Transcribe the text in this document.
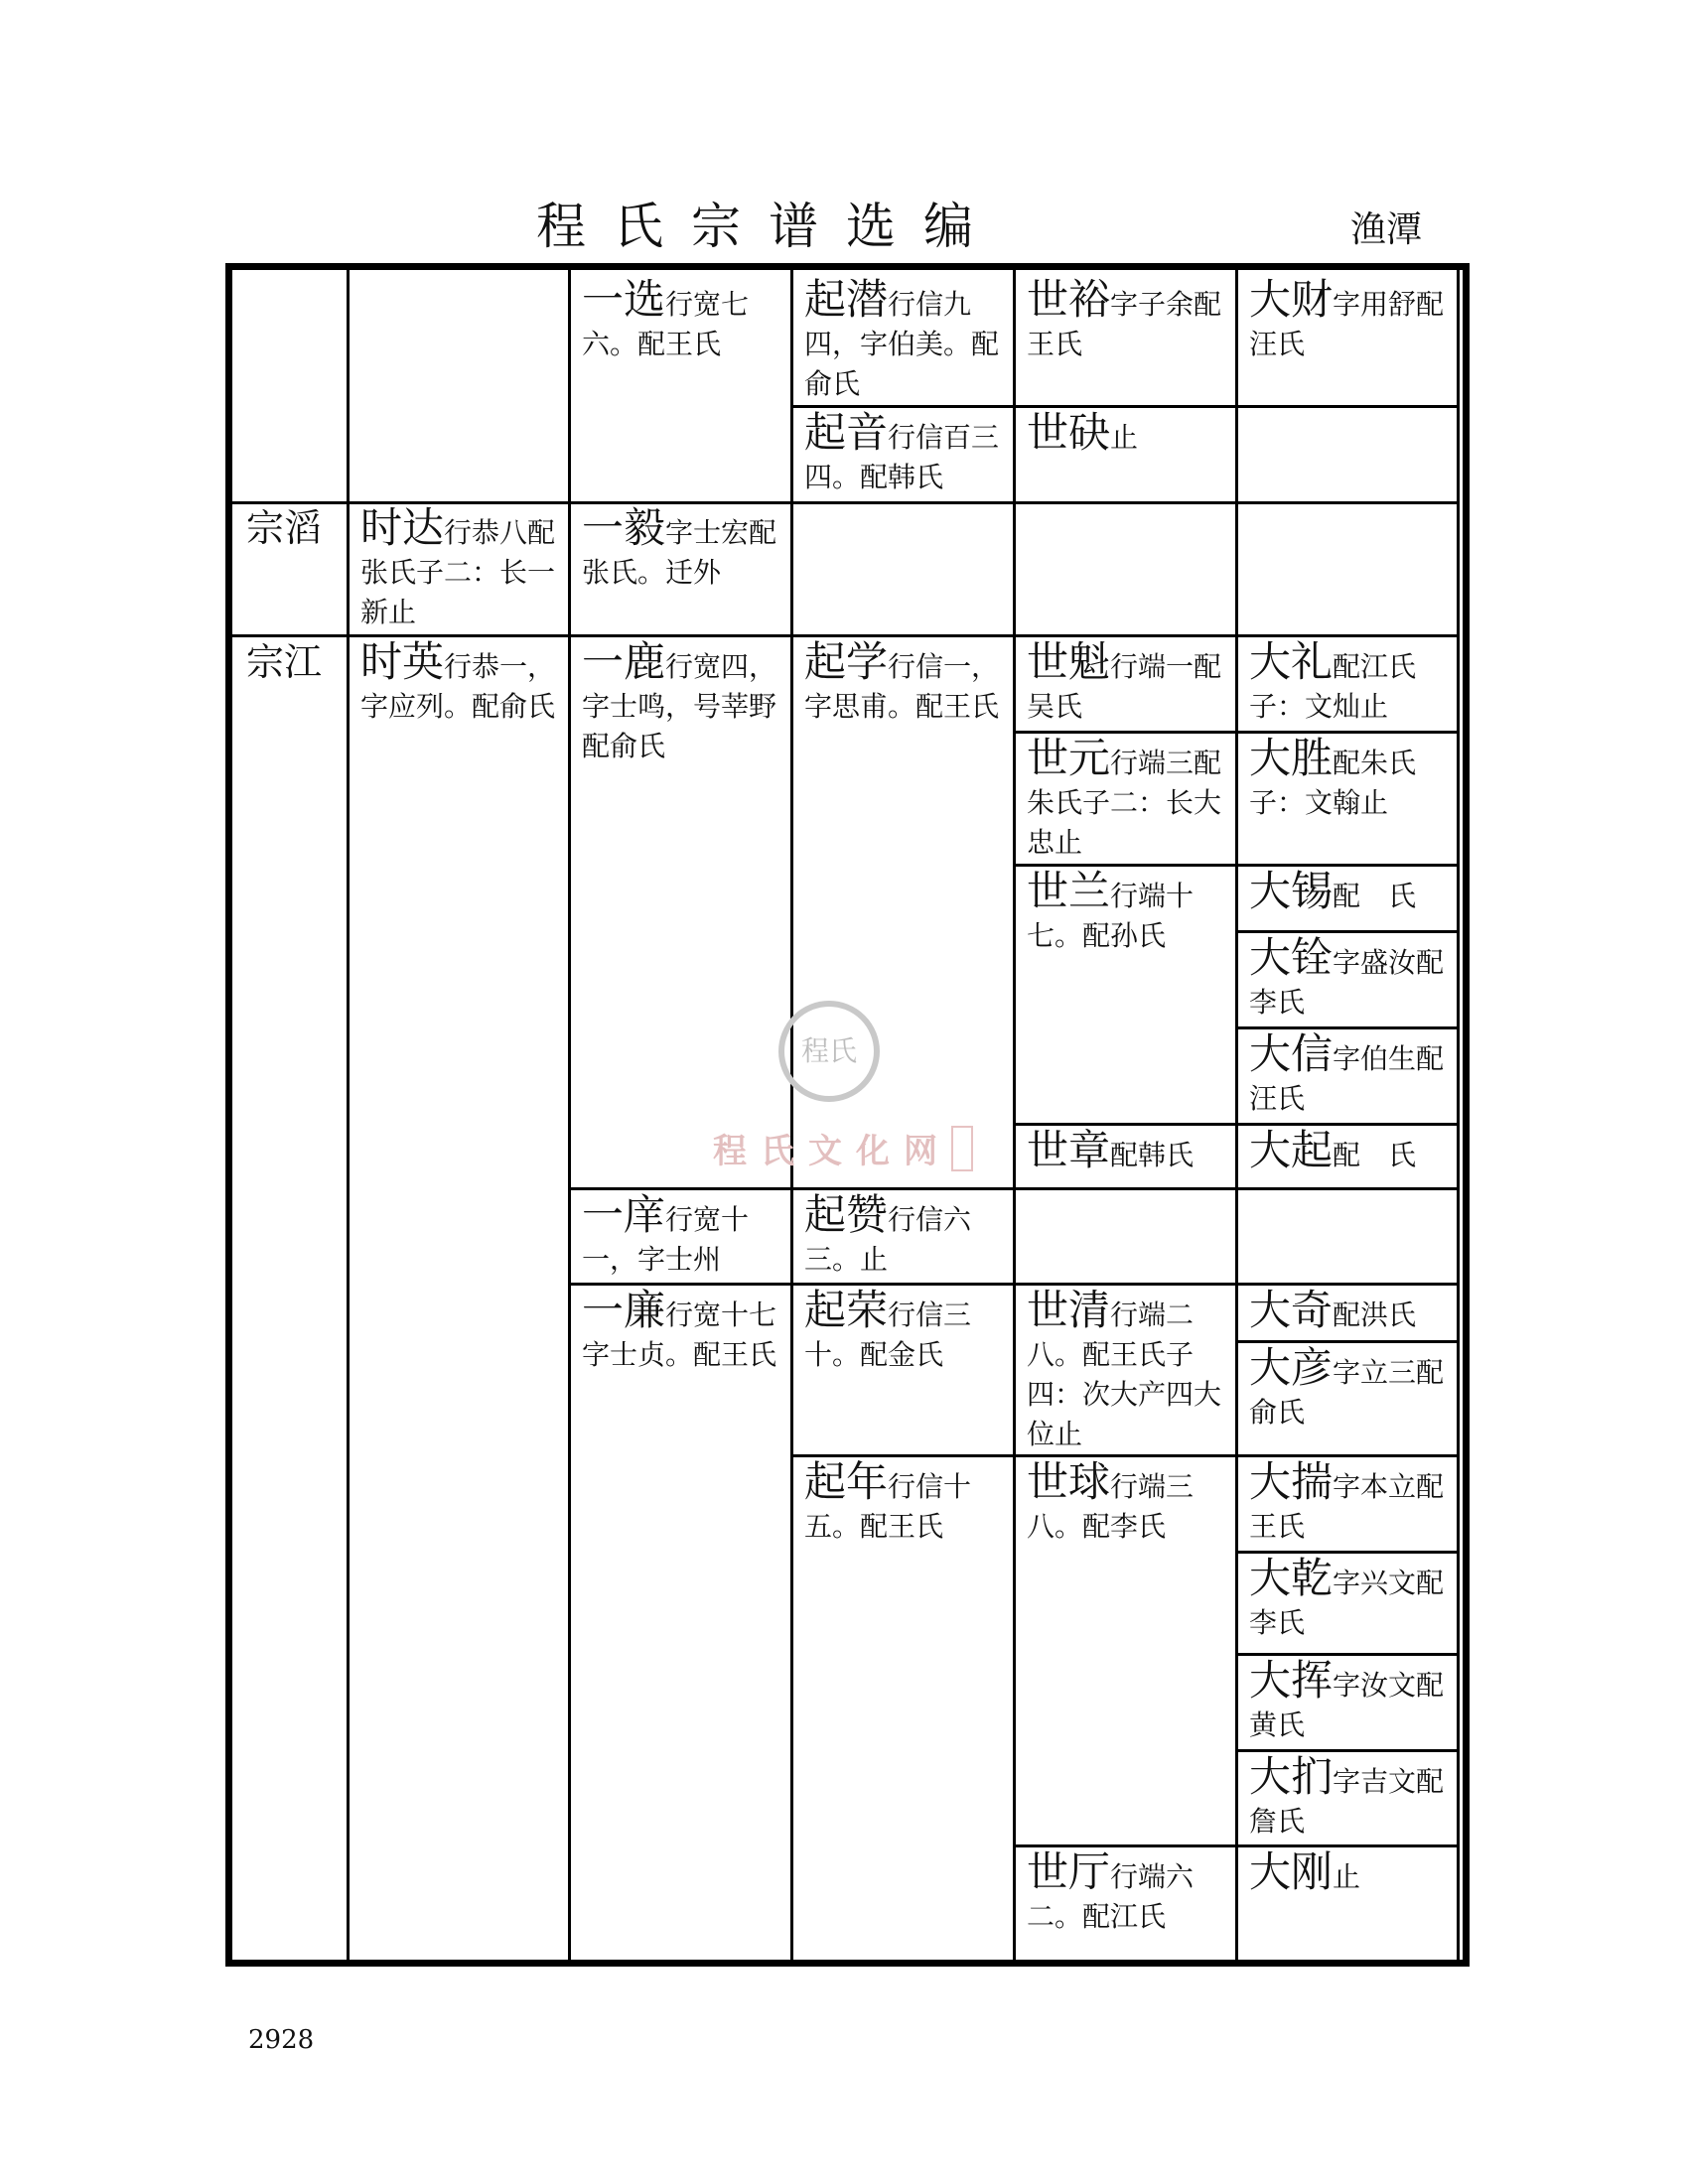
程氏宗谱选编	渔潭
宗滔
宗江
时达行恭八配张氏子二：长一新止
时英行恭一，字应列。配俞氏
一选行宽七六。配王氏
一毅字士宏配张氏。迁外
一鹿行宽四，字士鸣，号莘野配俞氏
一庠行宽十一，字士州
一廉行宽十七字士贞。配王氏
起潜行信九四，字伯美。配俞氏
起音行信百三四。配韩氏
起学行信一，字思甫。配王氏
起赞行信六三。止
起荣行信三十。配金氏
起年行信十五。配王氏
世裕字子余配王氏
世砄止
世魁行端一配吴氏
世元行端三配朱氏子二：长大忠止
世兰行端十七。配孙氏
世章配韩氏
世清行端二八。配王氏子四：次大产四大位止
世球行端三八。配李氏
世厅行端六二。配江氏
大财字用舒配汪氏
大礼配江氏子：文灿止
大胜配朱氏子：文翰止
大锡配　氏
大铨字盛汝配李氏
大信字伯生配汪氏
大起配　氏
大奇配洪氏
大彦字立三配俞氏
大揣字本立配王氏
大乾字兴文配李氏
大挥字汝文配黄氏
大扪字吉文配詹氏
大刚止
程氏
程氏文化网
2928
